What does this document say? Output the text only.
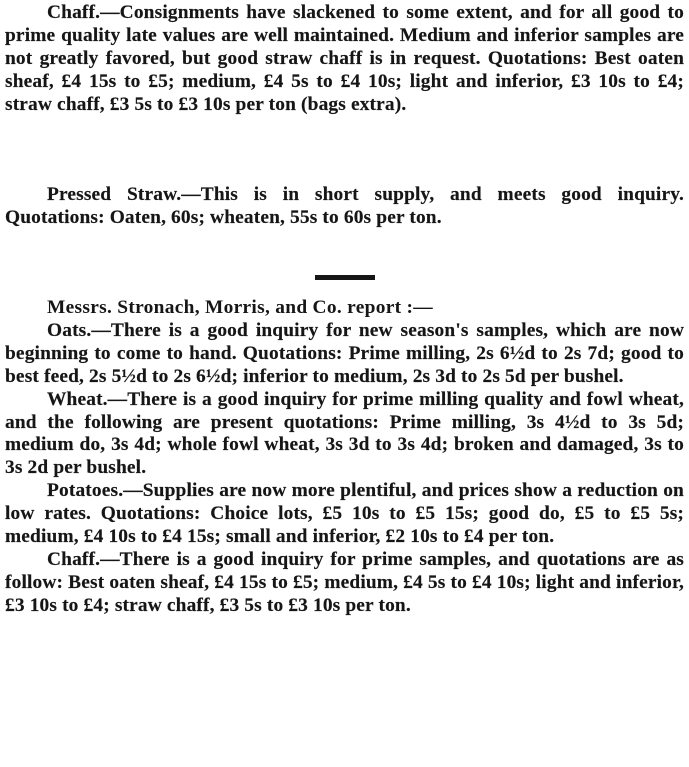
Chaff.—Consignments have slackened to some extent, and for all good to prime quality late values are well maintained. Medium and inferior samples are not greatly favored, but good straw chaff is in request. Quotations: Best oaten sheaf, £4 15s to £5; medium, £4 5s to £4 10s; light and inferior, £3 10s to £4; straw chaff, £3 5s to £3 10s per ton (bags extra).

Pressed Straw.—This is in short supply, and meets good inquiry. Quotations: Oaten, 60s; wheaten, 55s to 60s per ton.

Messrs. Stronach, Morris, and Co. report :—

Oats.—There is a good inquiry for new season's samples, which are now beginning to come to hand. Quotations: Prime milling, 2s 6½d to 2s 7d; good to best feed, 2s 5½d to 2s 6½d; inferior to medium, 2s 3d to 2s 5d per bushel.

Wheat.—There is a good inquiry for prime milling quality and fowl wheat, and the following are present quotations: Prime milling, 3s 4½d to 3s 5d; medium do, 3s 4d; whole fowl wheat, 3s 3d to 3s 4d; broken and damaged, 3s to 3s 2d per bushel.

Potatoes.—Supplies are now more plentiful, and prices show a reduction on low rates. Quotations: Choice lots, £5 10s to £5 15s; good do, £5 to £5 5s; medium, £4 10s to £4 15s; small and inferior, £2 10s to £4 per ton.

Chaff.—There is a good inquiry for prime samples, and quotations are as follow: Best oaten sheaf, £4 15s to £5; medium, £4 5s to £4 10s; light and inferior, £3 10s to £4; straw chaff, £3 5s to £3 10s per ton.
